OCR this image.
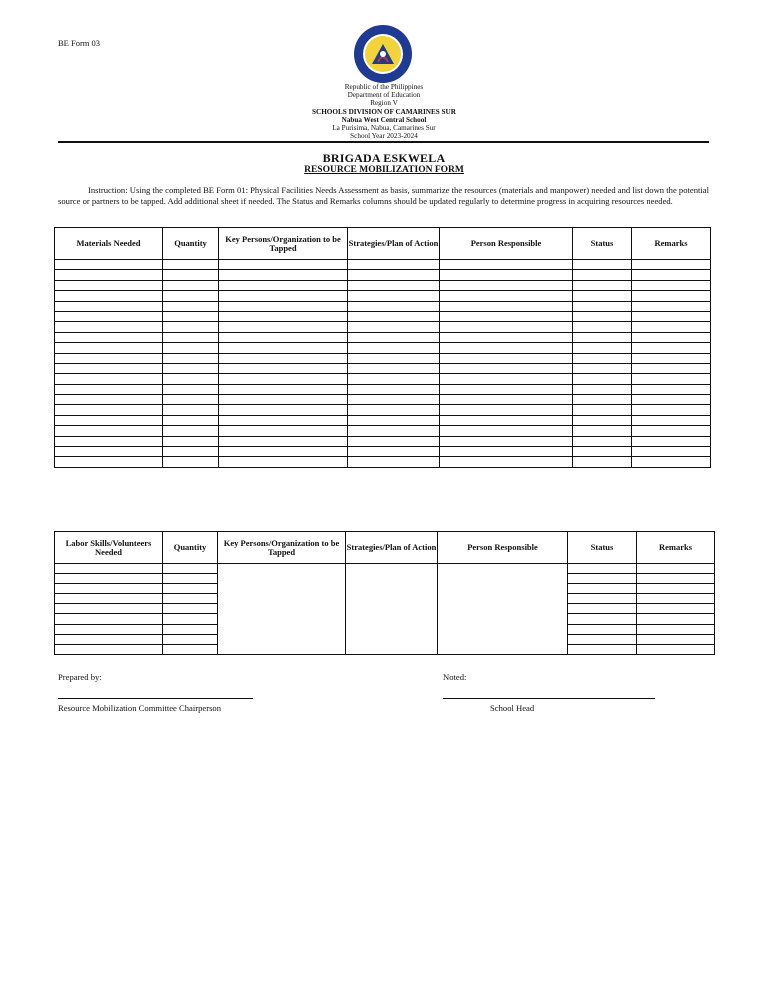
BE Form 03
Republic of the Philippines
Department of Education
Region V
SCHOOLS DIVISION OF CAMARINES SUR
Nabua West Central School
La Purisima, Nabua, Camarines Sur
School Year 2023-2024
BRIGADA ESKWELA
RESOURCE MOBILIZATION FORM
Instruction: Using the completed BE Form 01: Physical Facilities Needs Assessment as basis, summarize the resources (materials and manpower) needed and list down the potential source or partners to be tapped. Add additional sheet if needed. The Status and Remarks columns should be updated regularly to determine progress in acquiring resources needed.
Materials Needed	Quantity	Key Persons/Organization to be Tapped	Strategies/Plan of Action	Person Responsible	Status	Remarks

Labor Skills/Volunteers Needed	Quantity	Key Persons/Organization to be Tapped	Strategies/Plan of Action	Person Responsible	Status	Remarks

Prepared by:	Noted:
Resource Mobilization Committee Chairperson	School Head
